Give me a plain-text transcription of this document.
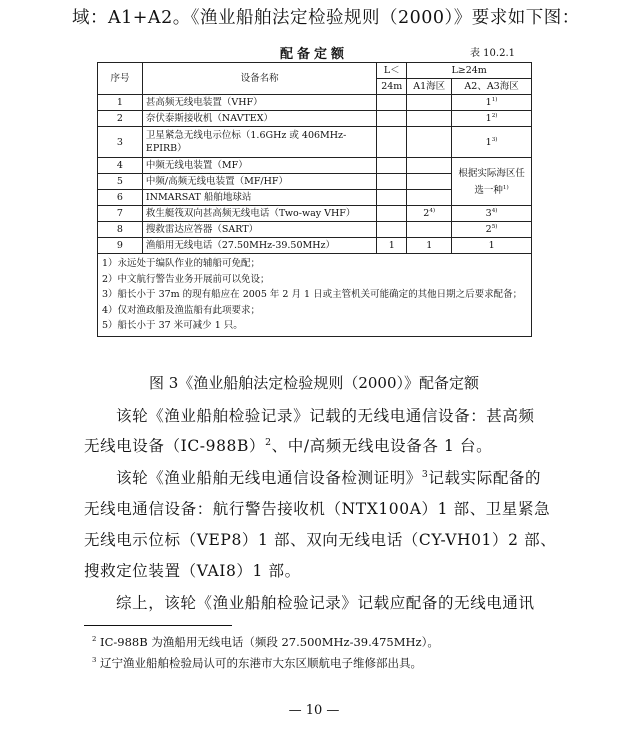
域：A1+A2。《渔业船舶法定检验规则（2000）》要求如下图：
配备定额	表 10.2.1
序号	设备名称	L＜	L≥24m	
		24m	A1海区	A2、A3海区
1	甚高频无线电装置（VHF）			1$^{1)}$
2	奈伏泰斯接收机（NAVTEX）			1$^{2)}$
3	卫星紧急无线电示位标（1.6GHz 或 406MHz-EPIRB）			1$^{3)}$
4	中频无线电装置（MF）			根据实际海区任选一种$^{1)}$
5	中频/高频无线电装置（MF/HF）			
6	INMARSAT 船舶地球站			
7	救生艇筏双向甚高频无线电话（Two-way VHF）		2$^{4)}$	3$^{4)}$
8	搜救雷达应答器（SART）			2$^{5)}$
9	渔船用无线电话（27.50MHz-39.50MHz）	1	1	1

1）永远处于编队作业的辅船可免配；
2）中文航行警告业务开展前可以免设；
3）船长小于 37m 的现有船应在 2005 年 2 月 1 日或主管机关可能确定的其他日期之后要求配备；
4）仅对渔政船及渔监船有此项要求；
5）船长小于 37 米可减少 1 只。				
图 3《渔业船舶法定检验规则（2000）》配备定额
该轮《渔业船舶检验记录》记载的无线电通信设备：甚高频
无线电设备$(IC-988B)^2$、中/高频无线电设备各 1 台。
该轮《渔业船舶无线电通信设备检测证明》$^3$记载实际配备的
无线电通信设备：航行警告接收机（NTX100A）1 部、卫星紧急
无线电示位标（VEP8）1 部、双向无线电话（CY-VH01）2 部、
搜救定位装置（VAI8）1 部。
综上，该轮《渔业船舶检验记录》记载应配备的无线电通讯
$^2$ IC-988B 为渔船用无线电话（频段 27.500MHz-39.475MHz）。
$^3$ 辽宁渔业船舶检验局认可的东港市大东区顺航电子维修部出具。
— 10 —
